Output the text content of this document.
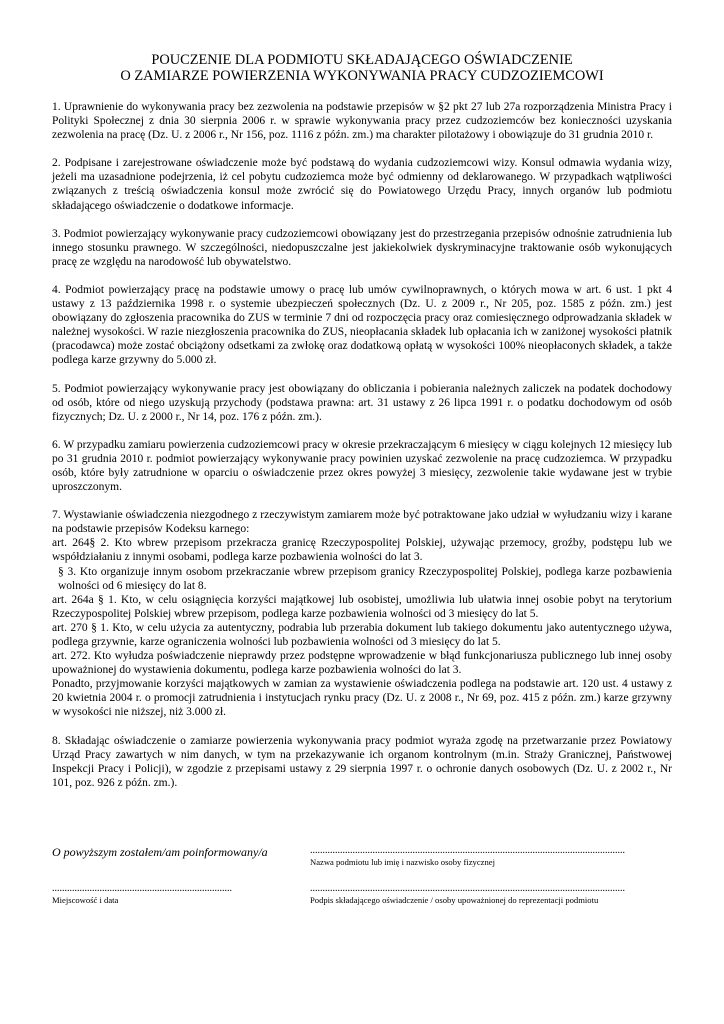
POUCZENIE DLA PODMIOTU SKŁADAJĄCEGO OŚWIADCZENIE
O ZAMIARZE POWIERZENIA WYKONYWANIA PRACY CUDZOZIEMCOWI

1. Uprawnienie do wykonywania pracy bez zezwolenia na podstawie przepisów w §2 pkt 27 lub 27a rozporządzenia Ministra Pracy i Polityki Społecznej z dnia 30 sierpnia 2006 r. w sprawie wykonywania pracy przez cudzoziemców bez konieczności uzyskania zezwolenia na pracę (Dz. U. z 2006 r., Nr 156, poz. 1116 z późn. zm.) ma charakter pilotażowy i obowiązuje do 31 grudnia 2010 r.

2. Podpisane i zarejestrowane oświadczenie może być podstawą do wydania cudzoziemcowi wizy. Konsul odmawia wydania wizy, jeżeli ma uzasadnione podejrzenia, iż cel pobytu cudzoziemca może być odmienny od deklarowanego. W przypadkach wątpliwości związanych z treścią oświadczenia konsul może zwrócić się do Powiatowego Urzędu Pracy, innych organów lub podmiotu składającego oświadczenie o dodatkowe informacje.

3. Podmiot powierzający wykonywanie pracy cudzoziemcowi obowiązany jest do przestrzegania przepisów odnośnie zatrudnienia lub innego stosunku prawnego. W szczególności, niedopuszczalne jest jakiekolwiek dyskryminacyjne traktowanie osób wykonujących pracę ze względu na narodowość lub obywatelstwo.

4. Podmiot powierzający pracę na podstawie umowy o pracę lub umów cywilnoprawnych, o których mowa w art. 6 ust. 1 pkt 4 ustawy z 13 października 1998 r. o systemie ubezpieczeń społecznych (Dz. U. z 2009 r., Nr 205, poz. 1585 z późn. zm.) jest obowiązany do zgłoszenia pracownika do ZUS w terminie 7 dni od rozpoczęcia pracy oraz comiesięcznego odprowadzania składek w należnej wysokości. W razie niezgłoszenia pracownika do ZUS, nieopłacania składek lub opłacania ich w zaniżonej wysokości płatnik (pracodawca) może zostać obciążony odsetkami za zwłokę oraz dodatkową opłatą w wysokości 100% nieopłaconych składek, a także podlega karze grzywny do 5.000 zł.

5. Podmiot powierzający wykonywanie pracy jest obowiązany do obliczania i pobierania należnych zaliczek na podatek dochodowy od osób, które od niego uzyskują przychody (podstawa prawna: art. 31 ustawy z 26 lipca 1991 r. o podatku dochodowym od osób fizycznych; Dz. U. z 2000 r., Nr 14, poz. 176 z późn. zm.).

6. W przypadku zamiaru powierzenia cudzoziemcowi pracy w okresie przekraczającym 6 miesięcy w ciągu kolejnych 12 miesięcy lub po 31 grudnia 2010 r. podmiot powierzający wykonywanie pracy powinien uzyskać zezwolenie na pracę cudzoziemca. W przypadku osób, które były zatrudnione w oparciu o oświadczenie przez okres powyżej 3 miesięcy, zezwolenie takie wydawane jest w trybie uproszczonym.

7. Wystawianie oświadczenia niezgodnego z rzeczywistym zamiarem może być potraktowane jako udział w wyłudzaniu wizy i karane na podstawie przepisów Kodeksu karnego:

art. 264§ 2. Kto wbrew przepisom przekracza granicę Rzeczypospolitej Polskiej, używając przemocy, groźby, podstępu lub we współdziałaniu z innymi osobami, podlega karze pozbawienia wolności do lat 3.

§ 3. Kto organizuje innym osobom przekraczanie wbrew przepisom granicy Rzeczypospolitej Polskiej, podlega karze pozbawienia wolności od 6 miesięcy do lat 8.

art. 264a § 1. Kto, w celu osiągnięcia korzyści majątkowej lub osobistej, umożliwia lub ułatwia innej osobie pobyt na terytorium Rzeczypospolitej Polskiej wbrew przepisom, podlega karze pozbawienia wolności od 3 miesięcy do lat 5.

art. 270 § 1. Kto, w celu użycia za autentyczny, podrabia lub przerabia dokument lub takiego dokumentu jako autentycznego używa, podlega grzywnie, karze ograniczenia wolności lub pozbawienia wolności od 3 miesięcy do lat 5.

art. 272. Kto wyłudza poświadczenie nieprawdy przez podstępne wprowadzenie w błąd funkcjonariusza publicznego lub innej osoby upoważnionej do wystawienia dokumentu, podlega karze pozbawienia wolności do lat 3.

Ponadto, przyjmowanie korzyści majątkowych w zamian za wystawienie oświadczenia podlega na podstawie art. 120 ust. 4 ustawy z 20 kwietnia 2004 r. o promocji zatrudnienia i instytucjach rynku pracy (Dz. U. z 2008 r., Nr 69, poz. 415 z późn. zm.) karze grzywny w wysokości nie niższej, niż 3.000 zł.

8. Składając oświadczenie o zamiarze powierzenia wykonywania pracy podmiot wyraża zgodę na przetwarzanie przez Powiatowy Urząd Pracy zawartych w nim danych, w tym na przekazywanie ich organom kontrolnym (m.in. Straży Granicznej, Państwowej Inspekcji Pracy i Policji), w zgodzie z przepisami ustawy z 29 sierpnia 1997 r. o ochronie danych osobowych (Dz. U. z 2002 r., Nr 101, poz. 926 z późn. zm.).

O powyższym zostałem/am poinformowany/a	..............................................................................................................................
Nazwa podmiotu lub imię i nazwisko osoby fizycznej
........................................................................
Miejscowość i data
..............................................................................................................................
Podpis składającego oświadczenie / osoby upoważnionej do reprezentacji podmiotu
